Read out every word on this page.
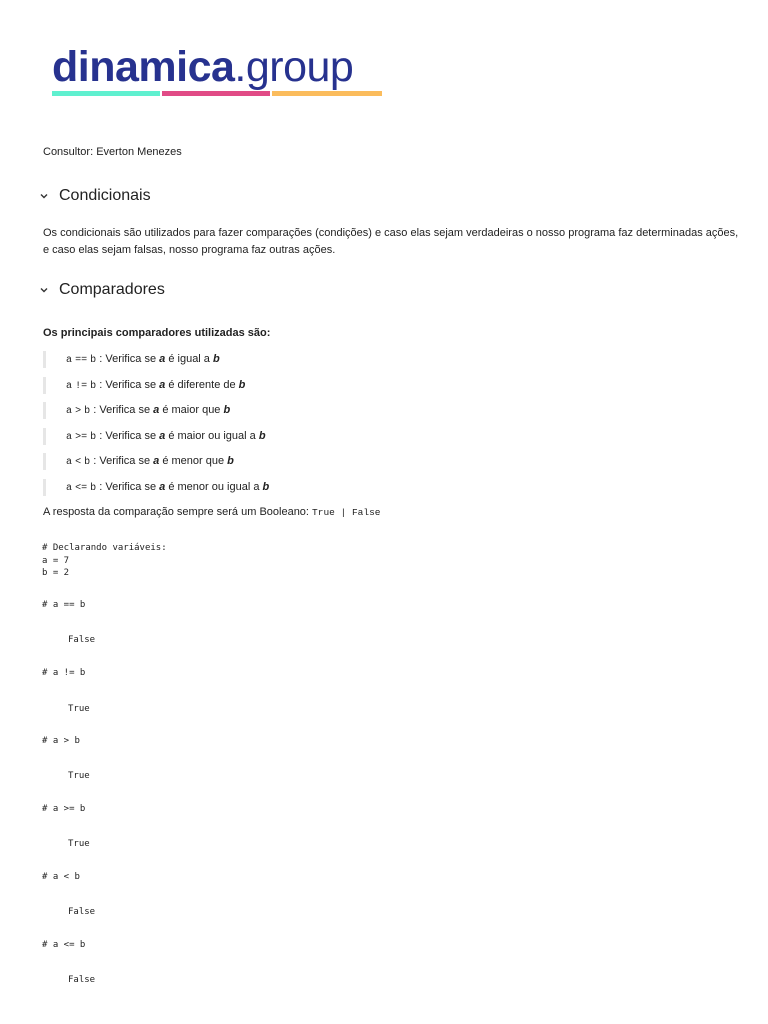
dinamica.group
Consultor: Everton Menezes
Condicionais
Os condicionais são utilizados para fazer comparações (condições) e caso elas sejam verdadeiras o nosso programa faz determinadas ações, e caso elas sejam falsas, nosso programa faz outras ações.
Comparadores
Os principais comparadores utilizadas são:
a == b : Verifica se a é igual a b
a != b : Verifica se a é diferente de b
a > b : Verifica se a é maior que b
a >= b : Verifica se a é maior ou igual a b
a < b : Verifica se a é menor que b
a <= b : Verifica se a é menor ou igual a b
A resposta da comparação sempre será um Booleano: True | False
# Declarando variáveis:
a = 7
b = 2
# a == b
False
# a != b
True
# a > b
True
# a >= b
True
# a < b
False
# a <= b
False
